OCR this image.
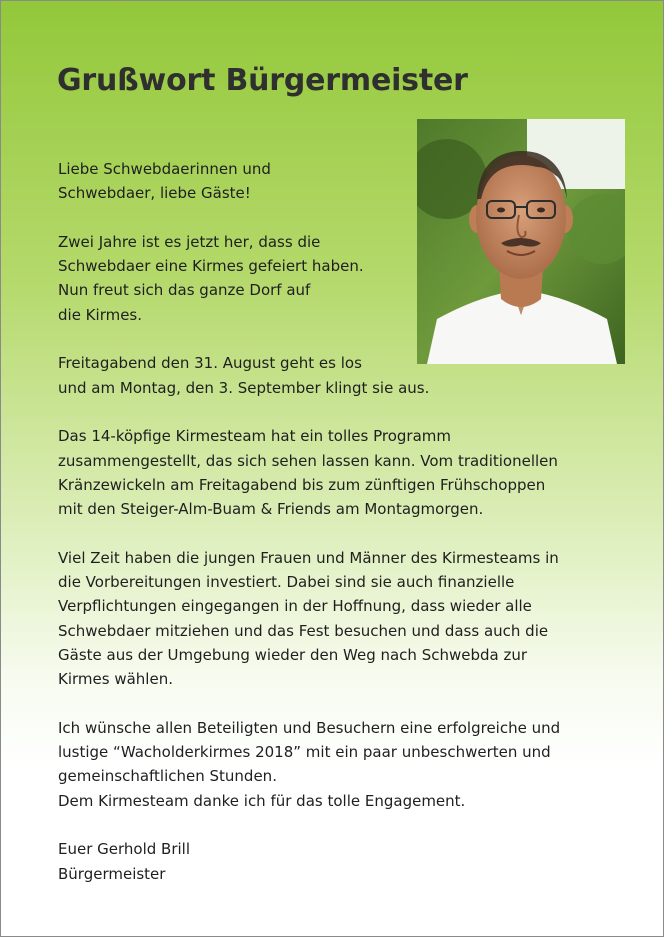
Grußwort Bürgermeister
Liebe Schwebdaerinnen und
Schwebdaer, liebe Gäste!
Zwei Jahre ist es jetzt her, dass die
Schwebdaer eine Kirmes gefeiert haben.
Nun freut sich das ganze Dorf auf
die Kirmes.
Freitagabend den 31. August geht es los
und am Montag, den 3. September klingt sie aus.
Das 14-köpfige Kirmesteam hat ein tolles Programm
zusammengestellt, das sich sehen lassen kann. Vom traditionellen
Kränzewickeln am Freitagabend bis zum zünftigen Frühschoppen
mit den Steiger-Alm-Buam & Friends am Montagmorgen.
Viel Zeit haben die jungen Frauen und Männer des Kirmesteams in
die Vorbereitungen investiert. Dabei sind sie auch finanzielle
Verpflichtungen eingegangen in der Hoffnung, dass wieder alle
Schwebdaer mitziehen und das Fest besuchen und dass auch die
Gäste aus der Umgebung wieder den Weg nach Schwebda zur
Kirmes wählen.
Ich wünsche allen Beteiligten und Besuchern eine erfolgreiche und
lustige “Wacholderkirmes 2018” mit ein paar unbeschwerten und
gemeinschaftlichen Stunden.
Dem Kirmesteam danke ich für das tolle Engagement.
Euer Gerhold Brill
Bürgermeister
